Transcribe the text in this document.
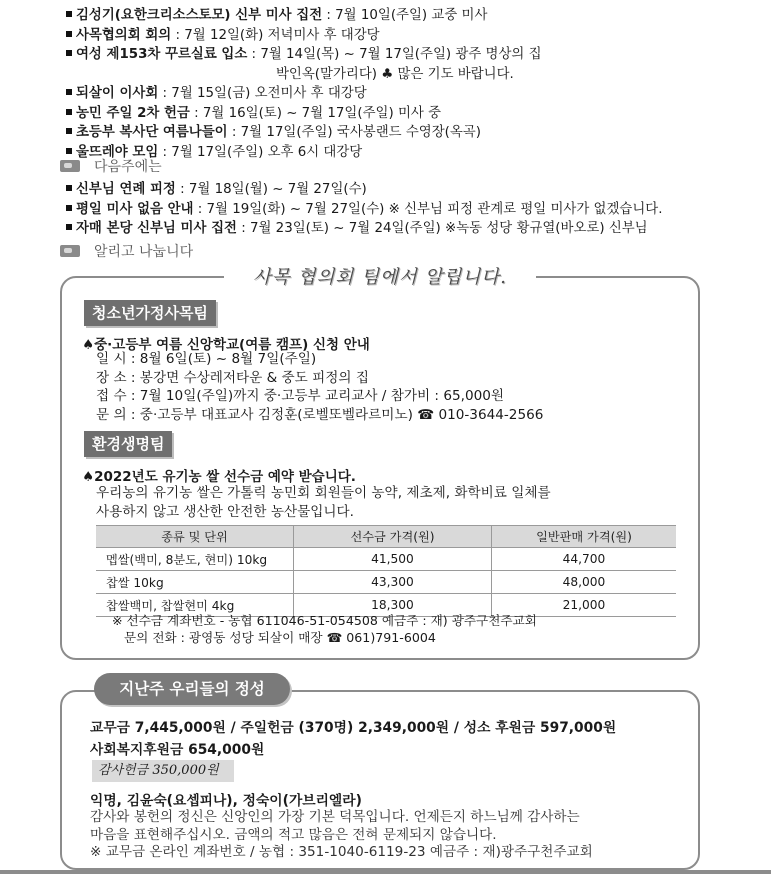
김성기(요한크리소스토모) 신부 미사 집전 : 7월 10일(주일) 교중 미사
사목협의회 회의 : 7월 12일(화) 저녁미사 후 대강당
여성 제153차 꾸르실료 입소 : 7월 14일(목) ~ 7월 17일(주일) 광주 명상의 집
박인옥(말가리다) ♣ 많은 기도 바랍니다.
되살이 이사회 : 7월 15일(금) 오전미사 후 대강당
농민 주일 2차 헌금 : 7월 16일(토) ~ 7월 17일(주일) 미사 중
초등부 복사단 여름나들이 : 7월 17일(주일) 국사봉랜드 수영장(옥곡)
울뜨레야 모임 : 7월 17일(주일) 오후 6시 대강당
다음주에는
신부님 연례 피정 : 7월 18일(월) ~ 7월 27일(수)
평일 미사 없음 안내 : 7월 19일(화) ~ 7월 27일(수) ※ 신부님 피정 관계로 평일 미사가 없겠습니다.
자매 본당 신부님 미사 집전 : 7월 23일(토) ~ 7월 24일(주일) ※녹동 성당 황규열(바오로) 신부님
알리고 나눕니다
사목 협의회 팀에서 알립니다.
청소년가정사목팀
♠중·고등부 여름 신앙학교(여름 캠프) 신청 안내
일 시 : 8월 6일(토) ~ 8월 7일(주일)
장 소 : 봉강면 수상레저타운 & 중도 피정의 집
접 수 : 7월 10일(주일)까지 중·고등부 교리교사 / 참가비 : 65,000원
문 의 : 중·고등부 대표교사 김정훈(로벨또벨라르미노) ☎ 010-3644-2566
환경생명팀
♠2022년도 유기농 쌀 선수금 예약 받습니다.
우리농의 유기농 쌀은 가톨릭 농민회 회원들이 농약, 제초제, 화학비료 일체를
사용하지 않고 생산한 안전한 농산물입니다.
종류 및 단위	선수금 가격(원)	일반판매 가격(원)
멥쌀(백미, 8분도, 현미) 10kg	41,500	44,700
찹쌀 10kg	43,300	48,000
찹쌀백미, 찹쌀현미 4kg	18,300	21,000
※ 선수금 계좌번호 - 농협 611046-51-054508 예금주 : 재) 광주구천주교회
문의 전화 : 광영동 성당 되살이 매장 ☎ 061)791-6004
지난주 우리들의 정성
교무금 7,445,000원 / 주일헌금 (370명) 2,349,000원 / 성소 후원금 597,000원
사회복지후원금 654,000원
감사헌금 350,000원
익명, 김윤숙(요셉피나), 정숙이(가브리엘라)
감사와 봉헌의 정신은 신앙인의 가장 기본 덕목입니다. 언제든지 하느님께 감사하는
마음을 표현해주십시오. 금액의 적고 많음은 전혀 문제되지 않습니다.
※ 교무금 온라인 계좌번호 / 농협 : 351-1040-6119-23 예금주 : 재)광주구천주교회
